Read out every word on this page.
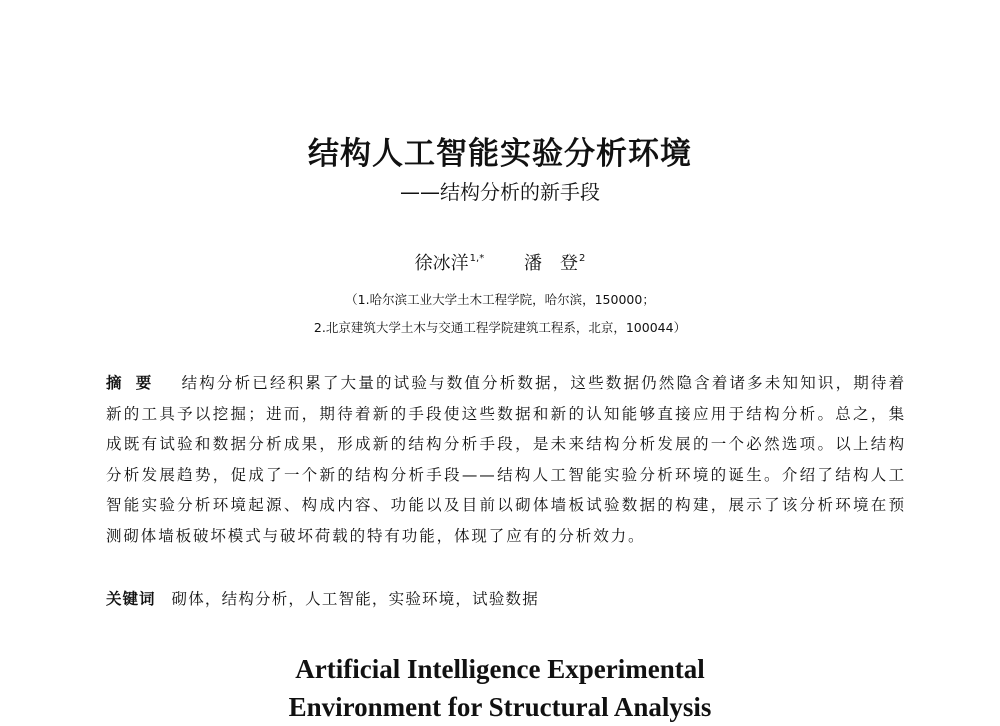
结构人工智能实验分析环境
——结构分析的新手段
徐冰洋$^{1,*}$ 潘　登$^2$
（1.哈尔滨工业大学土木工程学院，哈尔滨，150000；
2.北京建筑大学土木与交通工程学院建筑工程系，北京，100044）
摘要 结构分析已经积累了大量的试验与数值分析数据，这些数据仍然隐含着诸多未知知识，期待着新的工具予以挖掘；进而，期待着新的手段使这些数据和新的认知能够直接应用于结构分析。总之，集成既有试验和数据分析成果，形成新的结构分析手段，是未来结构分析发展的一个必然选项。以上结构分析发展趋势，促成了一个新的结构分析手段——结构人工智能实验分析环境的诞生。介绍了结构人工智能实验分析环境起源、构成内容、功能以及目前以砌体墙板试验数据的构建，展示了该分析环境在预测砌体墙板破坏模式与破坏荷载的特有功能，体现了应有的分析效力。
关键词 砌体，结构分析，人工智能，实验环境，试验数据
Artificial Intelligence Experimental
Environment for Structural Analysis
